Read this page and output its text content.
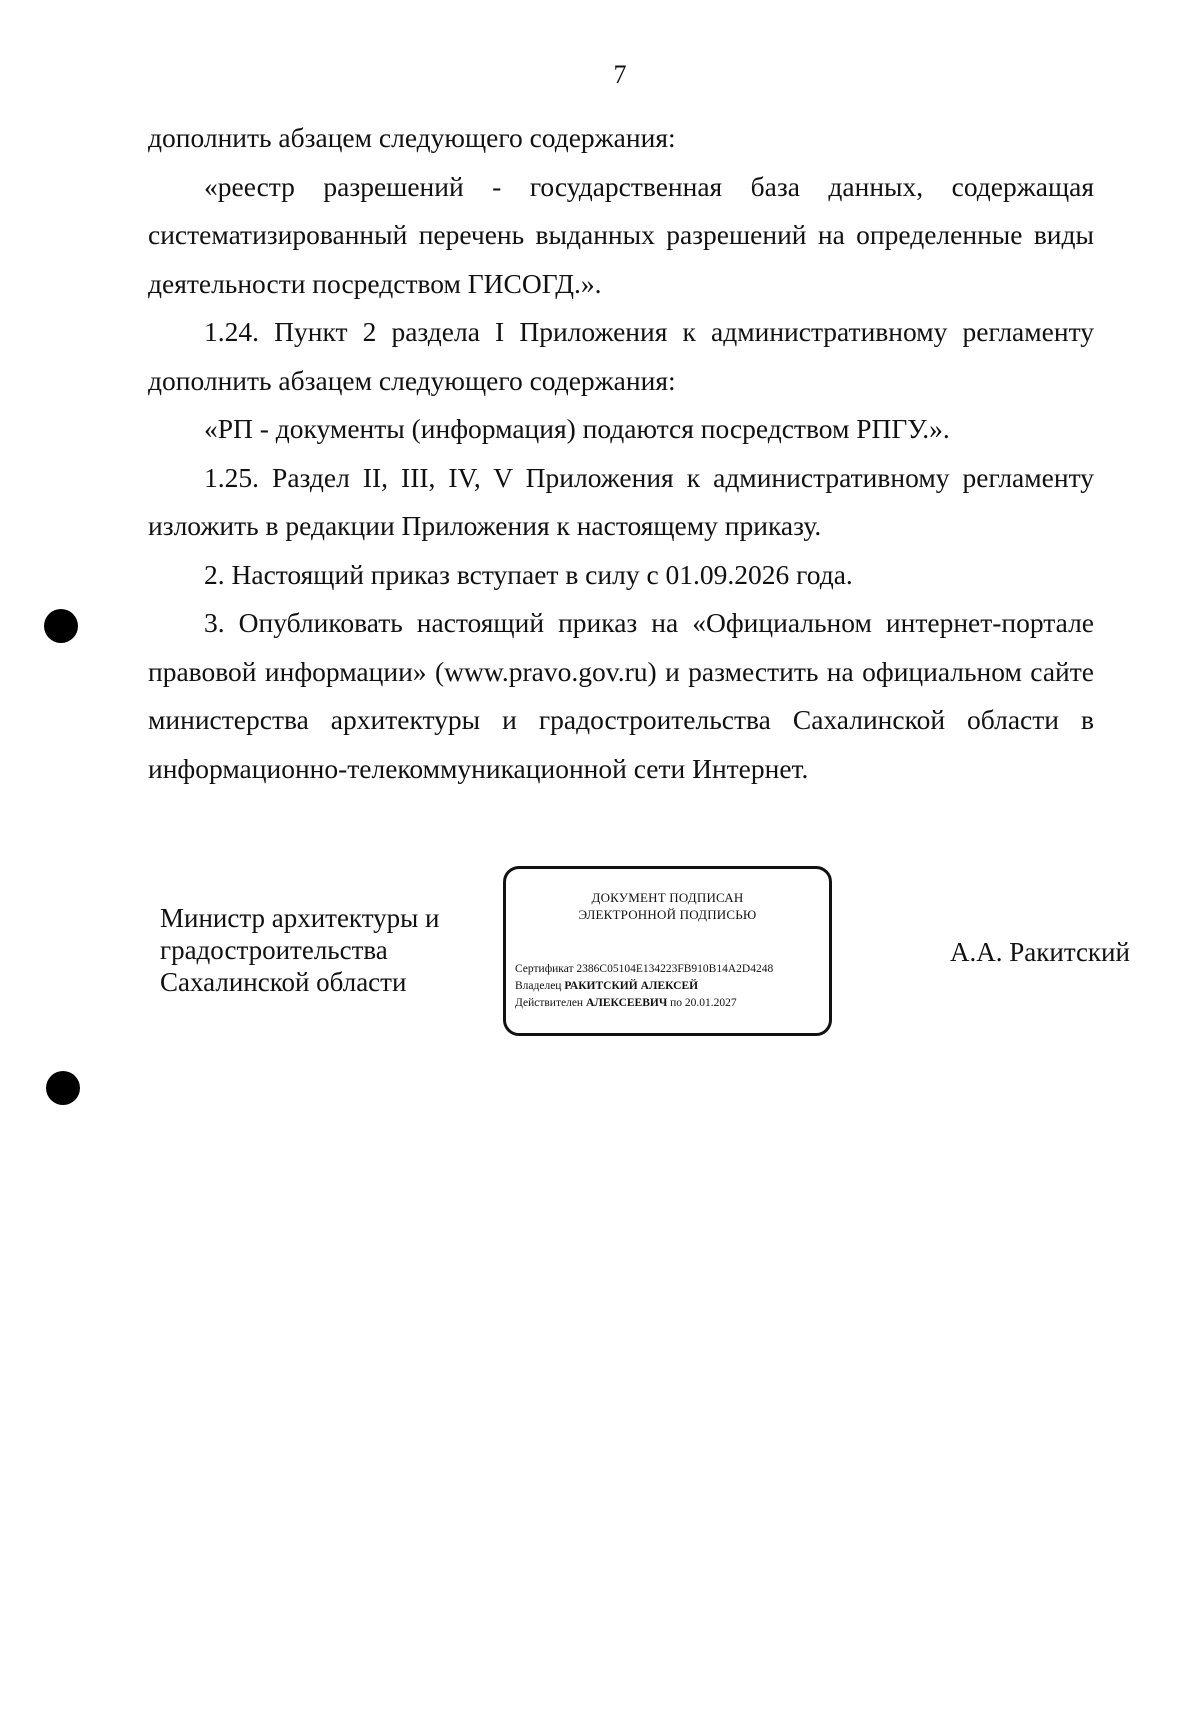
7

дополнить абзацем следующего содержания:

«реестр разрешений - государственная база данных, содержащая систематизированный перечень выданных разрешений на определенные виды деятельности посредством ГИСОГД.».

1.24. Пункт 2 раздела I Приложения к административному регламенту дополнить абзацем следующего содержания:

«РП - документы (информация) подаются посредством РПГУ.».

1.25. Раздел II, III, IV, V Приложения к административному регламенту изложить в редакции Приложения к настоящему приказу.

2. Настоящий приказ вступает в силу с 01.09.2026 года.

3. Опубликовать настоящий приказ на «Официальном интернет-портале правовой информации» (www.pravo.gov.ru) и разместить на официальном сайте министерства архитектуры и градостроительства Сахалинской области в информационно-телекоммуникационной сети Интернет.

Министр архитектуры и
градостроительства
Сахалинской области
ДОКУМЕНТ ПОДПИСАН
ЭЛЕКТРОННОЙ ПОДПИСЬЮ
Сертификат 2386C05104E134223FB910B14A2D4248
Владелец РАКИТСКИЙ АЛЕКСЕЙ
Действителен АЛЕКСЕЕВИЧ по 20.01.2027
А.А. Ракитский
